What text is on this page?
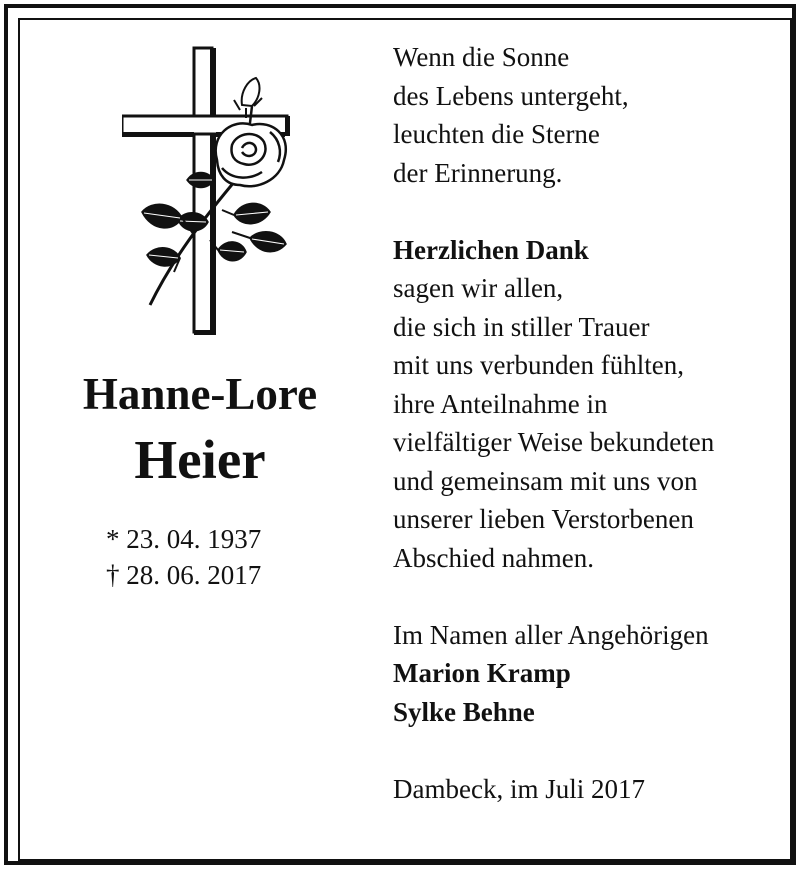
Hanne-Lore
Heier
* 23. 04. 1937
† 28. 06. 2017
Wenn die Sonne
des Lebens untergeht,
leuchten die Sterne
der Erinnerung.
Herzlichen Dank
sagen wir allen,
die sich in stiller Trauer
mit uns verbunden fühlten,
ihre Anteilnahme in
vielfältiger Weise bekundeten
und gemeinsam mit uns von
unserer lieben Verstorbenen
Abschied nahmen.
Im Namen aller Angehörigen
Marion Kramp
Sylke Behne
Dambeck, im Juli 2017
